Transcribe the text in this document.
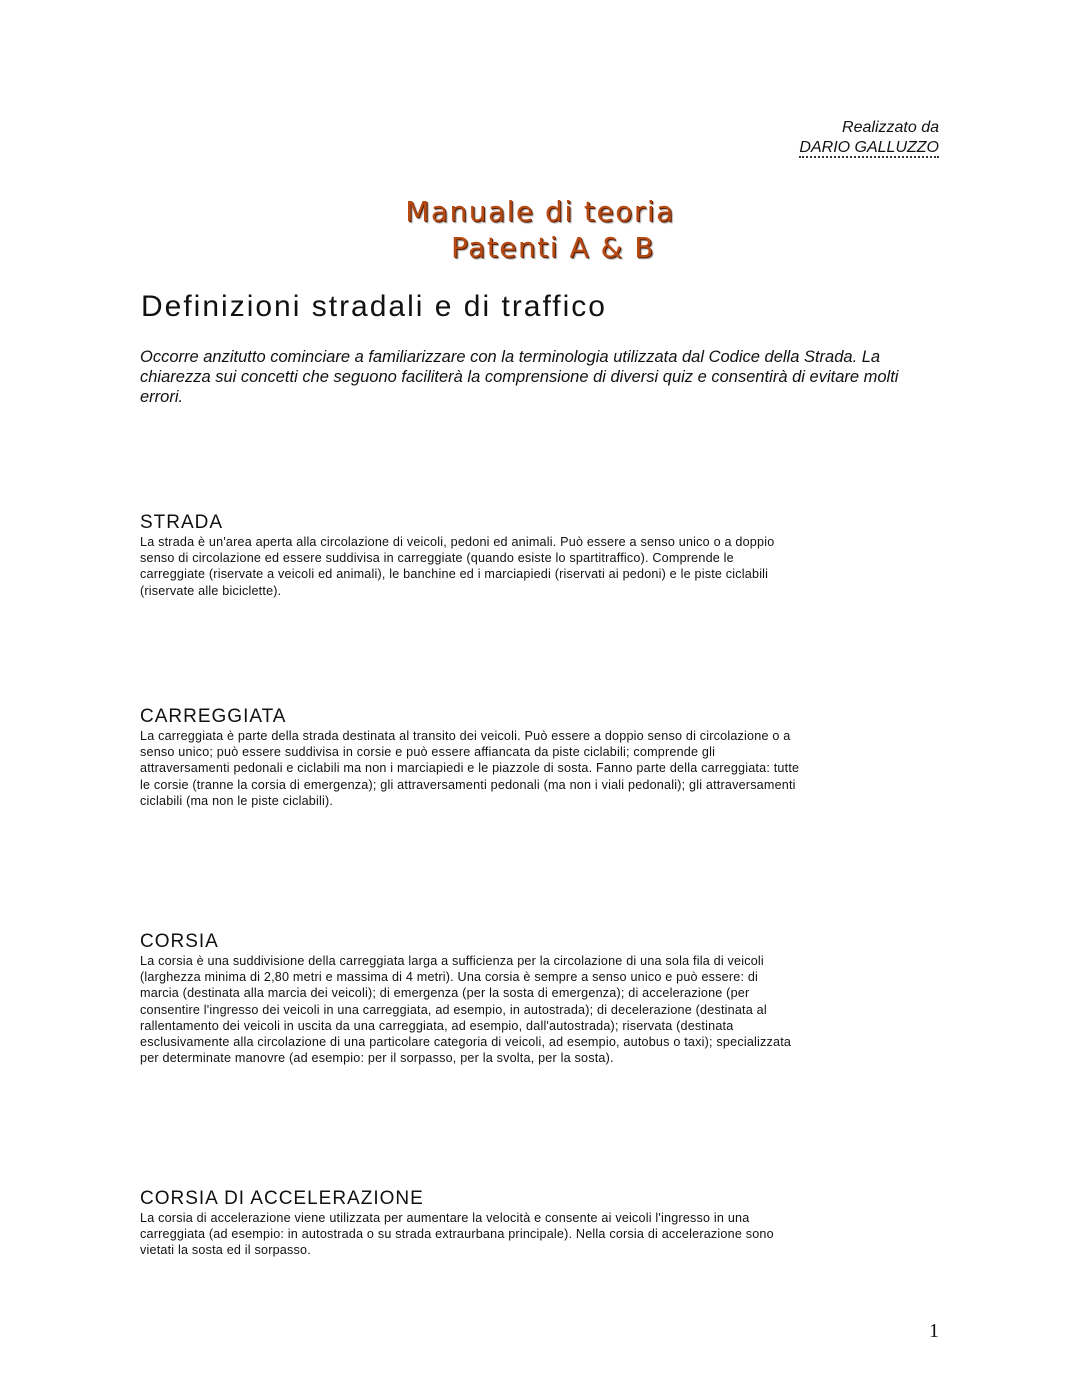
Realizzato da
DARIO GALLUZZO
Manuale di teoria
Patenti A & B
Definizioni stradali e di traffico

Occorre anzitutto cominciare a familiarizzare con la terminologia utilizzata dal Codice della Strada. La chiarezza sui concetti che seguono faciliterà la comprensione di diversi quiz e consentirà di evitare molti errori.

STRADA

La strada è un'area aperta alla circolazione di veicoli, pedoni ed animali. Può essere a senso unico o a doppio senso di circolazione ed essere suddivisa in carreggiate (quando esiste lo spartitraffico). Comprende le carreggiate (riservate a veicoli ed animali), le banchine ed i marciapiedi (riservati ai pedoni) e le piste ciclabili (riservate alle biciclette).

CARREGGIATA

La carreggiata è parte della strada destinata al transito dei veicoli. Può essere a doppio senso di circolazione o a senso unico; può essere suddivisa in corsie e può essere affiancata da piste ciclabili; comprende gli attraversamenti pedonali e ciclabili ma non i marciapiedi e le piazzole di sosta. Fanno parte della carreggiata: tutte le corsie (tranne la corsia di emergenza); gli attraversamenti pedonali (ma non i viali pedonali); gli attraversamenti ciclabili (ma non le piste ciclabili).

CORSIA

La corsia è una suddivisione della carreggiata larga a sufficienza per la circolazione di una sola fila di veicoli (larghezza minima di 2,80 metri e massima di 4 metri). Una corsia è sempre a senso unico e può essere: di marcia (destinata alla marcia dei veicoli); di emergenza (per la sosta di emergenza); di accelerazione (per consentire l'ingresso dei veicoli in una carreggiata, ad esempio, in autostrada); di decelerazione (destinata al rallentamento dei veicoli in uscita da una carreggiata, ad esempio, dall'autostrada); riservata (destinata esclusivamente alla circolazione di una particolare categoria di veicoli, ad esempio, autobus o taxi); specializzata per determinate manovre (ad esempio: per il sorpasso, per la svolta, per la sosta).

CORSIA DI ACCELERAZIONE

La corsia di accelerazione viene utilizzata per aumentare la velocità e consente ai veicoli l'ingresso in una carreggiata (ad esempio: in autostrada o su strada extraurbana principale). Nella corsia di accelerazione sono vietati la sosta ed il sorpasso.

1
